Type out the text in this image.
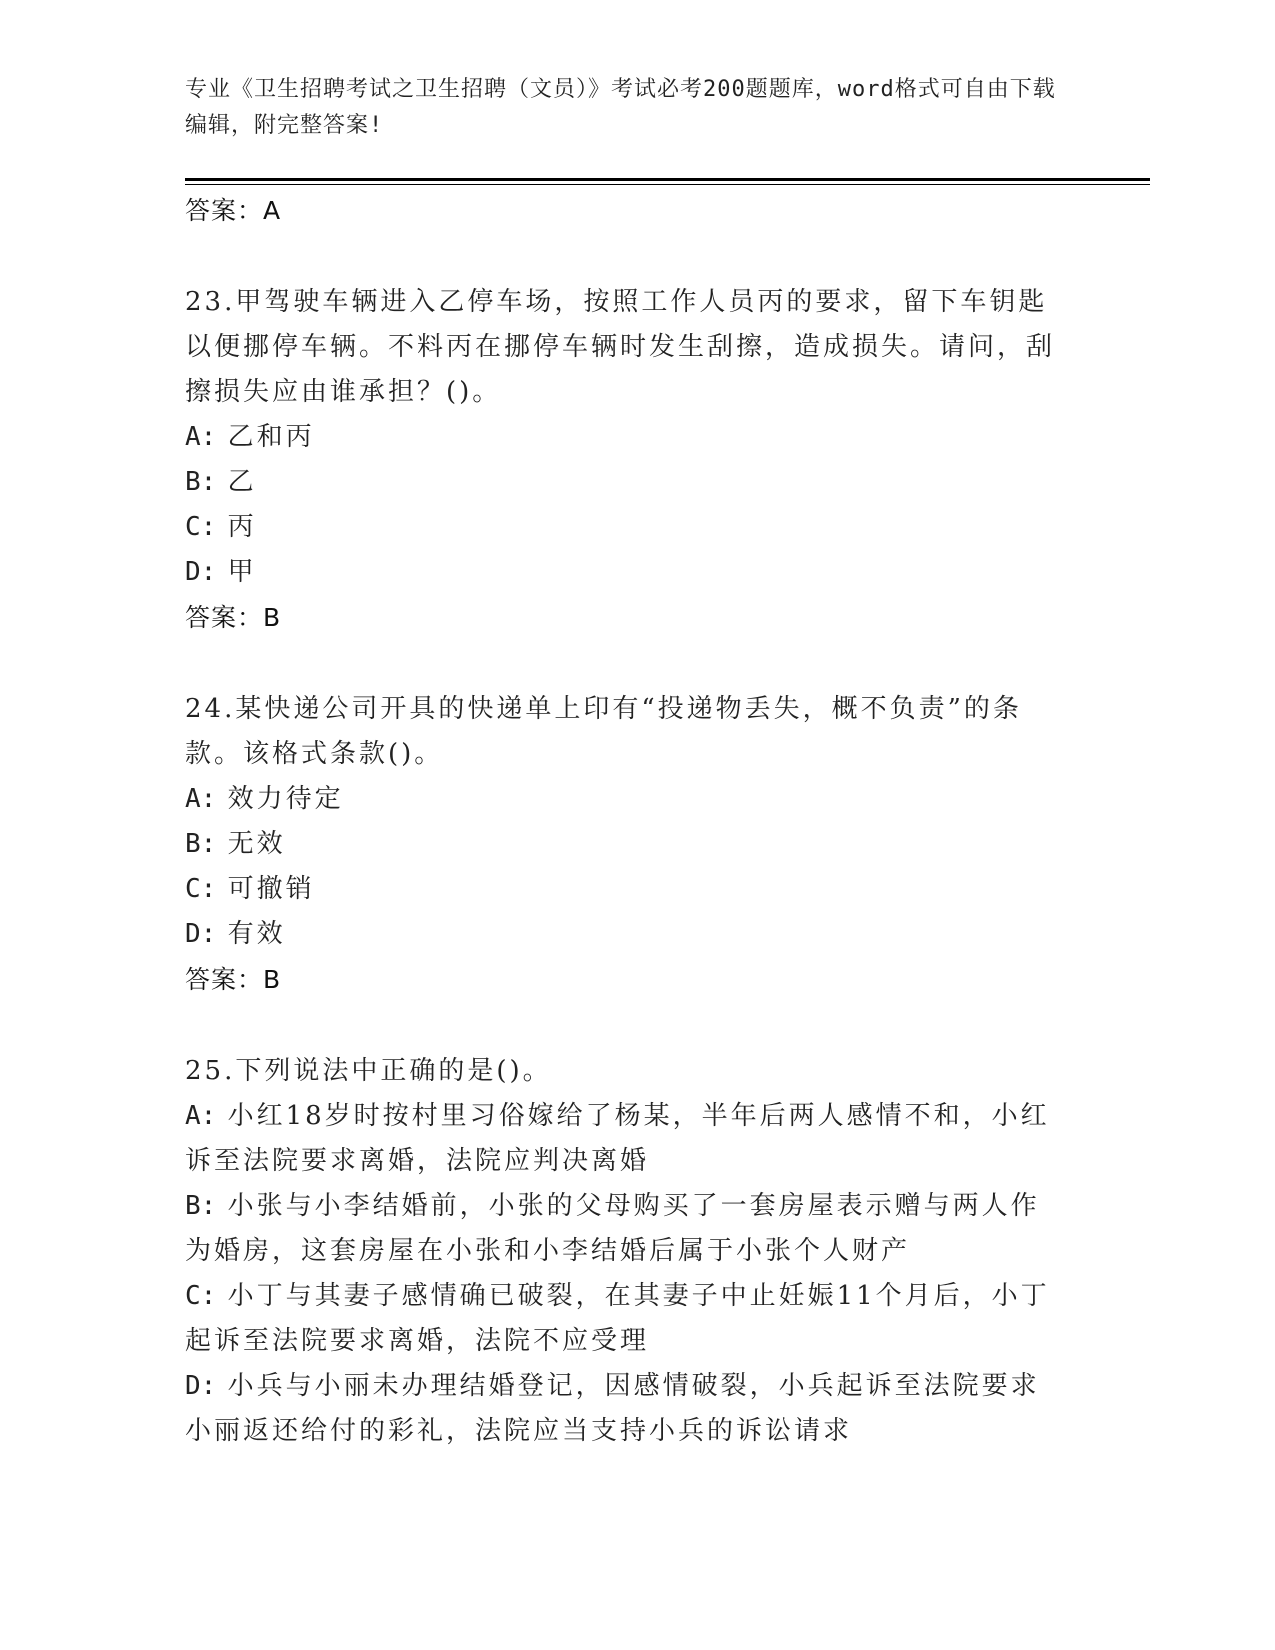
专业《卫生招聘考试之卫生招聘（文员）》考试必考200题题库，word格式可自由下载编辑，附完整答案!
答案：A
23.甲驾驶车辆进入乙停车场，按照工作人员丙的要求，留下车钥匙以便挪停车辆。不料丙在挪停车辆时发生刮擦，造成损失。请问，刮擦损失应由谁承担？()。
A: 乙和丙
B: 乙
C: 丙
D: 甲
答案：B
24.某快递公司开具的快递单上印有“投递物丢失，概不负责”的条款。该格式条款()。
A: 效力待定
B: 无效
C: 可撤销
D: 有效
答案：B
25.下列说法中正确的是()。
A: 小红18岁时按村里习俗嫁给了杨某，半年后两人感情不和，小红诉至法院要求离婚，法院应判决离婚
B: 小张与小李结婚前，小张的父母购买了一套房屋表示赠与两人作为婚房，这套房屋在小张和小李结婚后属于小张个人财产
C: 小丁与其妻子感情确已破裂，在其妻子中止妊娠11个月后，小丁起诉至法院要求离婚，法院不应受理
D: 小兵与小丽未办理结婚登记，因感情破裂，小兵起诉至法院要求小丽返还给付的彩礼，法院应当支持小兵的诉讼请求
